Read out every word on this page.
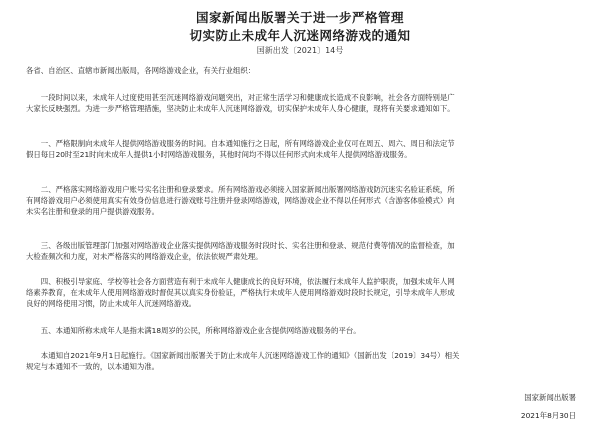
国家新闻出版署关于进一步严格管理
切实防止未成年人沉迷网络游戏的通知
国新出发〔2021〕14号

各省、自治区、直辖市新闻出版局，各网络游戏企业，有关行业组织：

一段时间以来，未成年人过度使用甚至沉迷网络游戏问题突出，对正常生活学习和健康成长造成不良影响，社会各方面特别是广
大家长反映强烈。为进一步严格管理措施，坚决防止未成年人沉迷网络游戏，切实保护未成年人身心健康，现将有关要求通知如下。
一、严格限制向未成年人提供网络游戏服务的时间。自本通知施行之日起，所有网络游戏企业仅可在周五、周六、周日和法定节
假日每日20时至21时向未成年人提供1小时网络游戏服务，其他时间均不得以任何形式向未成年人提供网络游戏服务。
二、严格落实网络游戏用户账号实名注册和登录要求。所有网络游戏必须接入国家新闻出版署网络游戏防沉迷实名验证系统，所
有网络游戏用户必须使用真实有效身份信息进行游戏账号注册并登录网络游戏，网络游戏企业不得以任何形式（含游客体验模式）向
未实名注册和登录的用户提供游戏服务。
三、各级出版管理部门加强对网络游戏企业落实提供网络游戏服务时段时长、实名注册和登录、规范付费等情况的监督检查，加
大检查频次和力度，对未严格落实的网络游戏企业，依法依规严肃处理。
四、积极引导家庭、学校等社会各方面营造有利于未成年人健康成长的良好环境，依法履行未成年人监护职责，加强未成年人网
络素养教育，在未成年人使用网络游戏时督促其以真实身份验证，严格执行未成年人使用网络游戏时段时长规定，引导未成年人形成
良好的网络使用习惯，防止未成年人沉迷网络游戏。
五、本通知所称未成年人是指未满18周岁的公民，所称网络游戏企业含提供网络游戏服务的平台。
本通知自2021年9月1日起施行。《国家新闻出版署关于防止未成年人沉迷网络游戏工作的通知》（国新出发〔2019〕34号）相关
规定与本通知不一致的，以本通知为准。
国家新闻出版署
2021年8月30日
